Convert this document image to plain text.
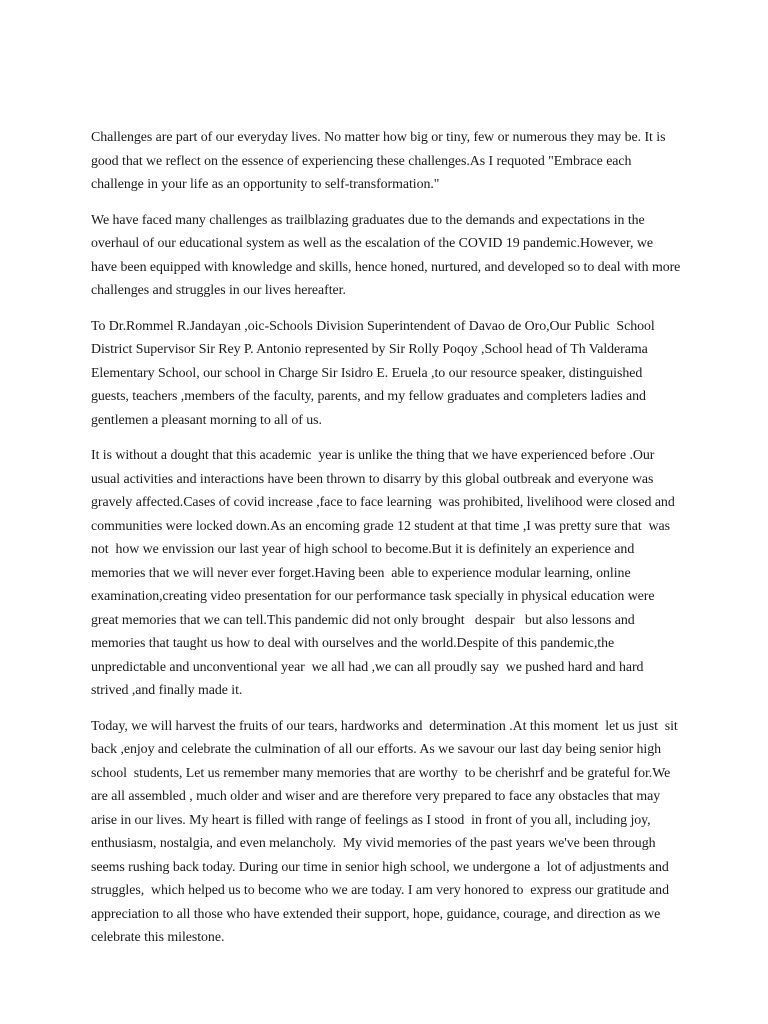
Challenges are part of our everyday lives. No matter how big or tiny, few or numerous they may be. It is
good that we reflect on the essence of experiencing these challenges.As I requoted "Embrace each
challenge in your life as an opportunity to self-transformation."
We have faced many challenges as trailblazing graduates due to the demands and expectations in the
overhaul of our educational system as well as the escalation of the COVID 19 pandemic.However, we
have been equipped with knowledge and skills, hence honed, nurtured, and developed so to deal with more
challenges and struggles in our lives hereafter.
To Dr.Rommel R.Jandayan ,oic-Schools Division Superintendent of Davao de Oro,Our Public  School
District Supervisor Sir Rey P. Antonio represented by Sir Rolly Poqoy ,School head of Th Valderama
Elementary School, our school in Charge Sir Isidro E. Eruela ,to our resource speaker, distinguished
guests, teachers ,members of the faculty, parents, and my fellow graduates and completers ladies and
gentlemen a pleasant morning to all of us.
It is without a dought that this academic  year is unlike the thing that we have experienced before .Our
usual activities and interactions have been thrown to disarry by this global outbreak and everyone was
gravely affected.Cases of covid increase ,face to face learning  was prohibited, livelihood were closed and
communities were locked down.As an encoming grade 12 student at that time ,I was pretty sure that  was
not  how we envission our last year of high school to become.But it is definitely an experience and
memories that we will never ever forget.Having been  able to experience modular learning, online
examination,creating video presentation for our performance task specially in physical education were
great memories that we can tell.This pandemic did not only brought   despair   but also lessons and
memories that taught us how to deal with ourselves and the world.Despite of this pandemic,the
unpredictable and unconventional year  we all had ,we can all proudly say  we pushed hard and hard
strived ,and finally made it.
Today, we will harvest the fruits of our tears, hardworks and  determination .At this moment  let us just  sit
back ,enjoy and celebrate the culmination of all our efforts. As we savour our last day being senior high
school  students, Let us remember many memories that are worthy  to be cherishrf and be grateful for.We
are all assembled , much older and wiser and are therefore very prepared to face any obstacles that may
arise in our lives. My heart is filled with range of feelings as I stood  in front of you all, including joy,
enthusiasm, nostalgia, and even melancholy.  My vivid memories of the past years we've been through
seems rushing back today. During our time in senior high school, we undergone a  lot of adjustments and
struggles,  which helped us to become who we are today. I am very honored to  express our gratitude and
appreciation to all those who have extended their support, hope, guidance, courage, and direction as we
celebrate this milestone.
